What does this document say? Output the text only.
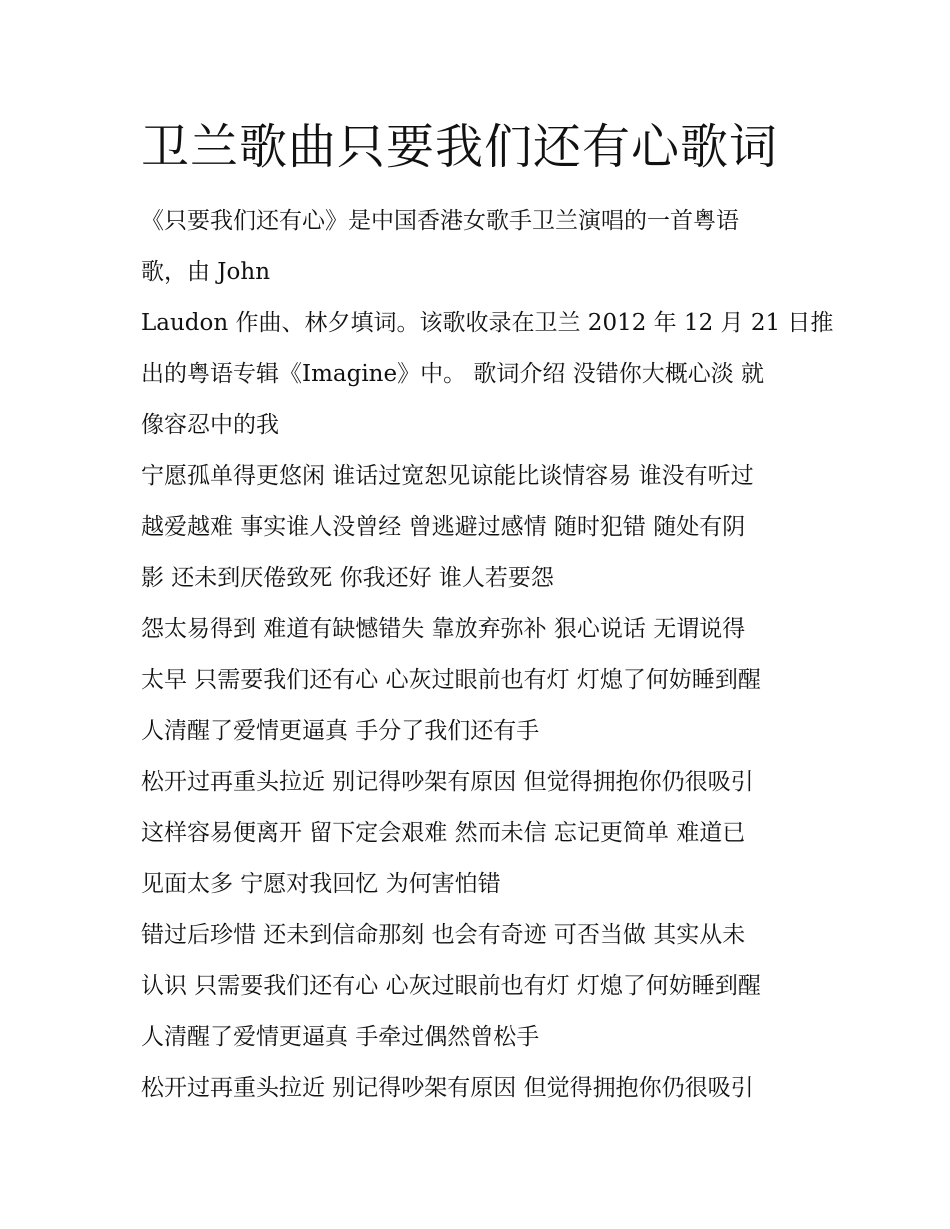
卫兰歌曲只要我们还有心歌词

《只要我们还有心》是中国香港女歌手卫兰演唱的一首粤语

歌，由 John

Laudon 作曲、林夕填词。该歌收录在卫兰 2012 年 12 月 21 日推

出的粤语专辑《Imagine》中。 歌词介绍 没错你大概心淡 就

像容忍中的我

宁愿孤单得更悠闲 谁话过宽恕见谅能比谈情容易 谁没有听过

越爱越难 事实谁人没曾经 曾逃避过感情 随时犯错 随处有阴

影 还未到厌倦致死 你我还好 谁人若要怨

怨太易得到 难道有缺憾错失 靠放弃弥补 狠心说话 无谓说得

太早 只需要我们还有心 心灰过眼前也有灯 灯熄了何妨睡到醒

人清醒了爱情更逼真 手分了我们还有手

松开过再重头拉近 别记得吵架有原因 但觉得拥抱你仍很吸引

这样容易便离开 留下定会艰难 然而未信 忘记更简单 难道已

见面太多 宁愿对我回忆 为何害怕错

错过后珍惜 还未到信命那刻 也会有奇迹 可否当做 其实从未

认识 只需要我们还有心 心灰过眼前也有灯 灯熄了何妨睡到醒

人清醒了爱情更逼真 手牵过偶然曾松手

松开过再重头拉近 别记得吵架有原因 但觉得拥抱你仍很吸引
